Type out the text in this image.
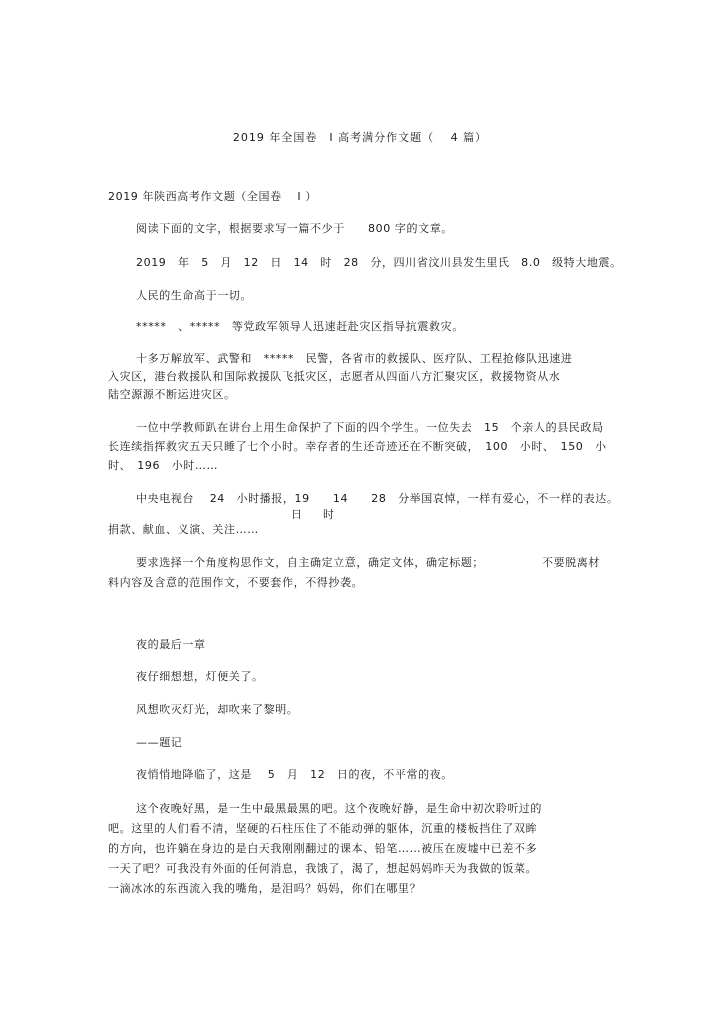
2019 年全国卷　I 高考满分作文题（　 4 篇）
2019 年陕西高考作文题（全国卷　 I ）
阅读下面的文字，根据要求写一篇不少于　　800 字的文章。
2019　年　5　月　12　日　14　时　28　分，四川省汶川县发生里氏　8.0　级特大地震。
人民的生命高于一切。
*****　、*****　等党政军领导人迅速赶赴灾区指导抗震救灾。
十多万解放军、武警和　*****　民警，各省市的救援队、医疗队、工程抢修队迅速进
入灾区，港台救援队和国际救援队飞抵灾区，志愿者从四面八方汇聚灾区，救援物资从水
陆空源源不断运进灾区。
一位中学教师趴在讲台上用生命保护了下面的四个学生。一位失去　15　个亲人的县民政局
长连续指挥救灾五天只睡了七个小时。幸存者的生还奇迹还在不断突破，　100　小时、　150　小
时、　196　小时……
中央电视台　 24　小时播报，19　　14　　28　分举国哀悼，一样有爱心，不一样的表达。
日 时
捐款、献血、义演、关注……
要求选择一个角度构思作文，自主确定立意，确定文体，确定标题；	不要脱离材
料内容及含意的范围作文，不要套作，不得抄袭。
夜的最后一章
夜仔细想想，灯便关了。
风想吹灭灯光，却吹来了黎明。
——题记
夜悄悄地降临了，这是　 5　月　12　日的夜，不平常的夜。
这个夜晚好黑，是一生中最黑最黑的吧。这个夜晚好静，是生命中初次聆听过的
吧。这里的人们看不清，坚硬的石柱压住了不能动弹的躯体，沉重的楼板挡住了双眸
的方向，也许躺在身边的是白天我刚刚翻过的课本、铅笔……被压在废墟中已差不多
一天了吧？可我没有外面的任何消息，我饿了，渴了，想起妈妈昨天为我做的饭菜。
一滴冰冰的东西流入我的嘴角，是泪吗？妈妈，你们在哪里？
